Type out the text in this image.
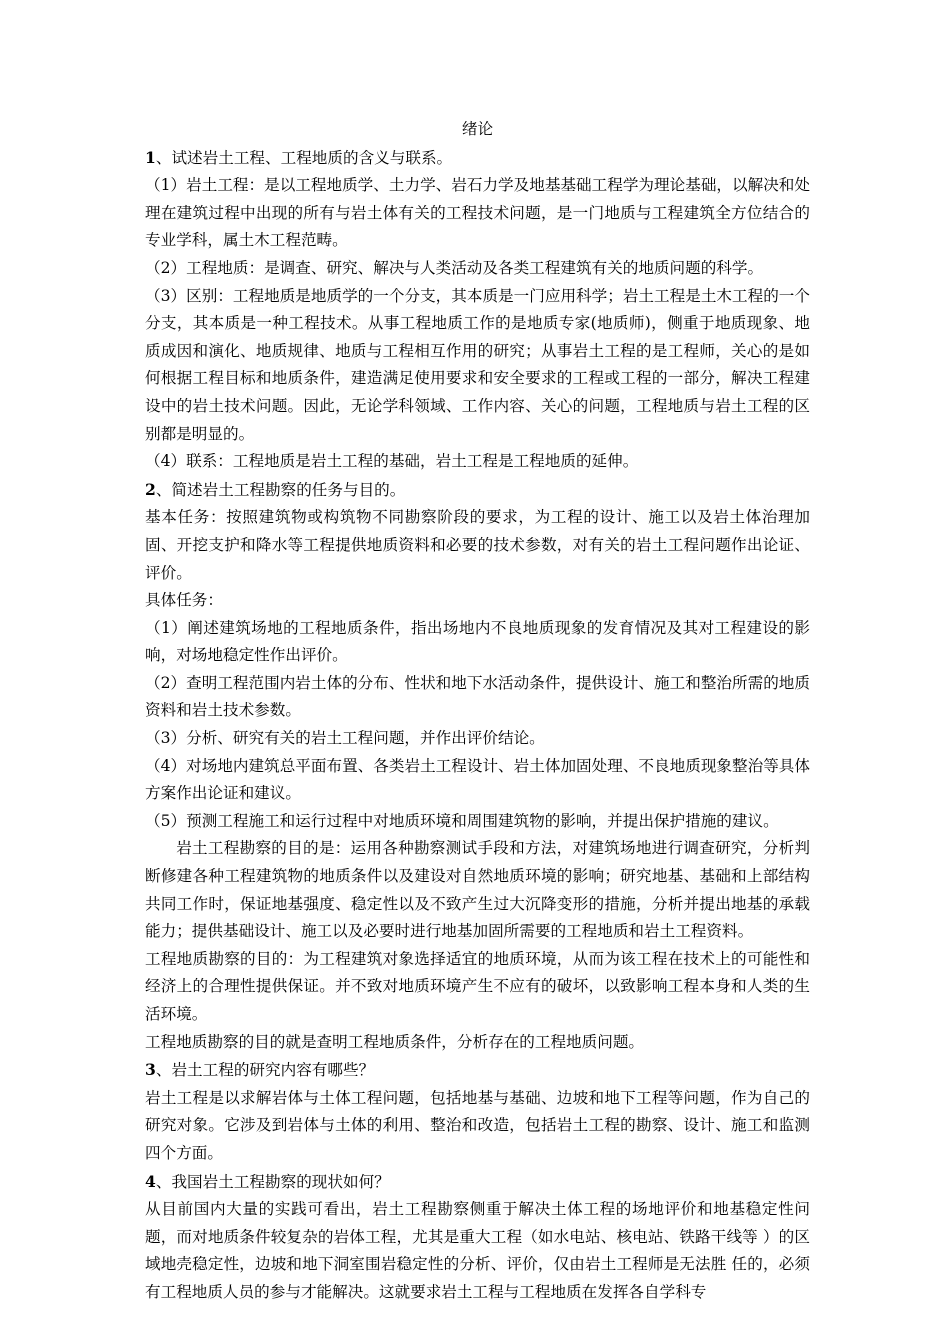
绪论

1、试述岩土工程、工程地质的含义与联系。

（1）岩土工程：是以工程地质学、土力学、岩石力学及地基基础工程学为理论基础，以解决和处理在建筑过程中出现的所有与岩土体有关的工程技术问题，是一门地质与工程建筑全方位结合的专业学科，属土木工程范畴。

（2）工程地质：是调查、研究、解决与人类活动及各类工程建筑有关的地质问题的科学。

（3）区别：工程地质是地质学的一个分支，其本质是一门应用科学；岩土工程是土木工程的一个分支，其本质是一种工程技术。从事工程地质工作的是地质专家(地质师)，侧重于地质现象、地质成因和演化、地质规律、地质与工程相互作用的研究；从事岩土工程的是工程师，关心的是如何根据工程目标和地质条件，建造满足使用要求和安全要求的工程或工程的一部分，解决工程建设中的岩土技术问题。因此，无论学科领域、工作内容、关心的问题，工程地质与岩土工程的区别都是明显的。

（4）联系：工程地质是岩土工程的基础，岩土工程是工程地质的延伸。

2、简述岩土工程勘察的任务与目的。

基本任务：按照建筑物或构筑物不同勘察阶段的要求，为工程的设计、施工以及岩土体治理加固、开挖支护和降水等工程提供地质资料和必要的技术参数，对有关的岩土工程问题作出论证、评价。

具体任务：

（1）阐述建筑场地的工程地质条件，指出场地内不良地质现象的发育情况及其对工程建设的影响，对场地稳定性作出评价。

（2）查明工程范围内岩土体的分布、性状和地下水活动条件，提供设计、施工和整治所需的地质资料和岩土技术参数。

（3）分析、研究有关的岩土工程问题，并作出评价结论。

（4）对场地内建筑总平面布置、各类岩土工程设计、岩土体加固处理、不良地质现象整治等具体方案作出论证和建议。

（5）预测工程施工和运行过程中对地质环境和周围建筑物的影响，并提出保护措施的建议。

岩土工程勘察的目的是：运用各种勘察测试手段和方法，对建筑场地进行调查研究，分析判断修建各种工程建筑物的地质条件以及建设对自然地质环境的影响；研究地基、基础和上部结构共同工作时，保证地基强度、稳定性以及不致产生过大沉降变形的措施，分析并提出地基的承载能力；提供基础设计、施工以及必要时进行地基加固所需要的工程地质和岩土工程资料。

工程地质勘察的目的：为工程建筑对象选择适宜的地质环境，从而为该工程在技术上的可能性和经济上的合理性提供保证。并不致对地质环境产生不应有的破坏，以致影响工程本身和人类的生活环境。

工程地质勘察的目的就是查明工程地质条件，分析存在的工程地质问题。

3、岩土工程的研究内容有哪些？

岩土工程是以求解岩体与土体工程问题，包括地基与基础、边坡和地下工程等问题，作为自己的研究对象。它涉及到岩体与土体的利用、整治和改造，包括岩土工程的勘察、设计、施工和监测四个方面。

4、我国岩土工程勘察的现状如何？

从目前国内大量的实践可看出，岩土工程勘察侧重于解决土体工程的场地评价和地基稳定性问题，而对地质条件较复杂的岩体工程，尤其是重大工程（如水电站、核电站、铁路干线等 ）的区域地壳稳定性，边坡和地下洞室围岩稳定性的分析、评价，仅由岩土工程师是无法胜 任的，必须有工程地质人员的参与才能解决。这就要求岩土工程与工程地质在发挥各自学科专
